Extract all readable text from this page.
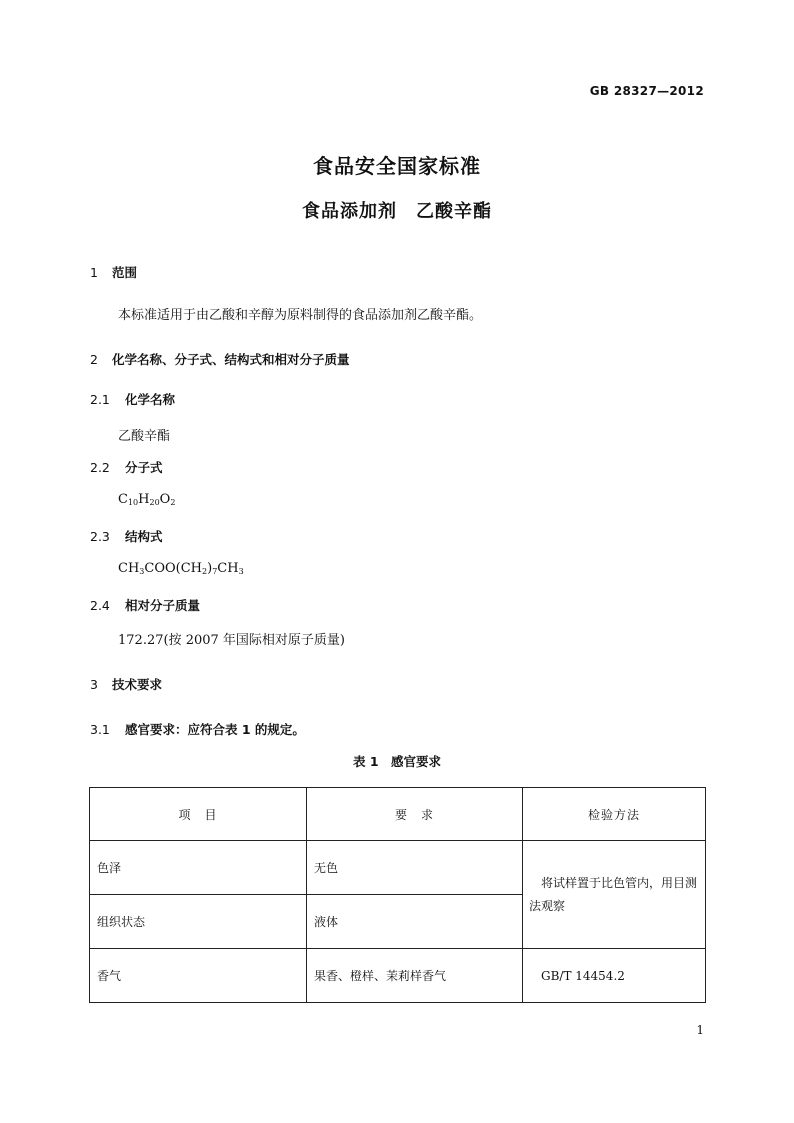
GB 28327—2012
食品安全国家标准
食品添加剂　乙酸辛酯
1 范围
本标准适用于由乙酸和辛醇为原料制得的食品添加剂乙酸辛酯。
2 化学名称、分子式、结构式和相对分子质量
2.1 化学名称
乙酸辛酯
2.2 分子式
$C_{10}H_{20}O_2$
2.3 结构式
$CH_3COO(CH_2)_7CH_3$
2.4 相对分子质量
172.27(按 2007 年国际相对原子质量)
3 技术要求
3.1 感官要求：应符合表 1 的规定。
表 1　感官要求
项　目	要　求	检验方法
色泽	无色	将试样置于比色管内，用目测法观察
组织状态	液体	
香气	果香、橙样、茉莉样香气	GB/T 14454.2
1
